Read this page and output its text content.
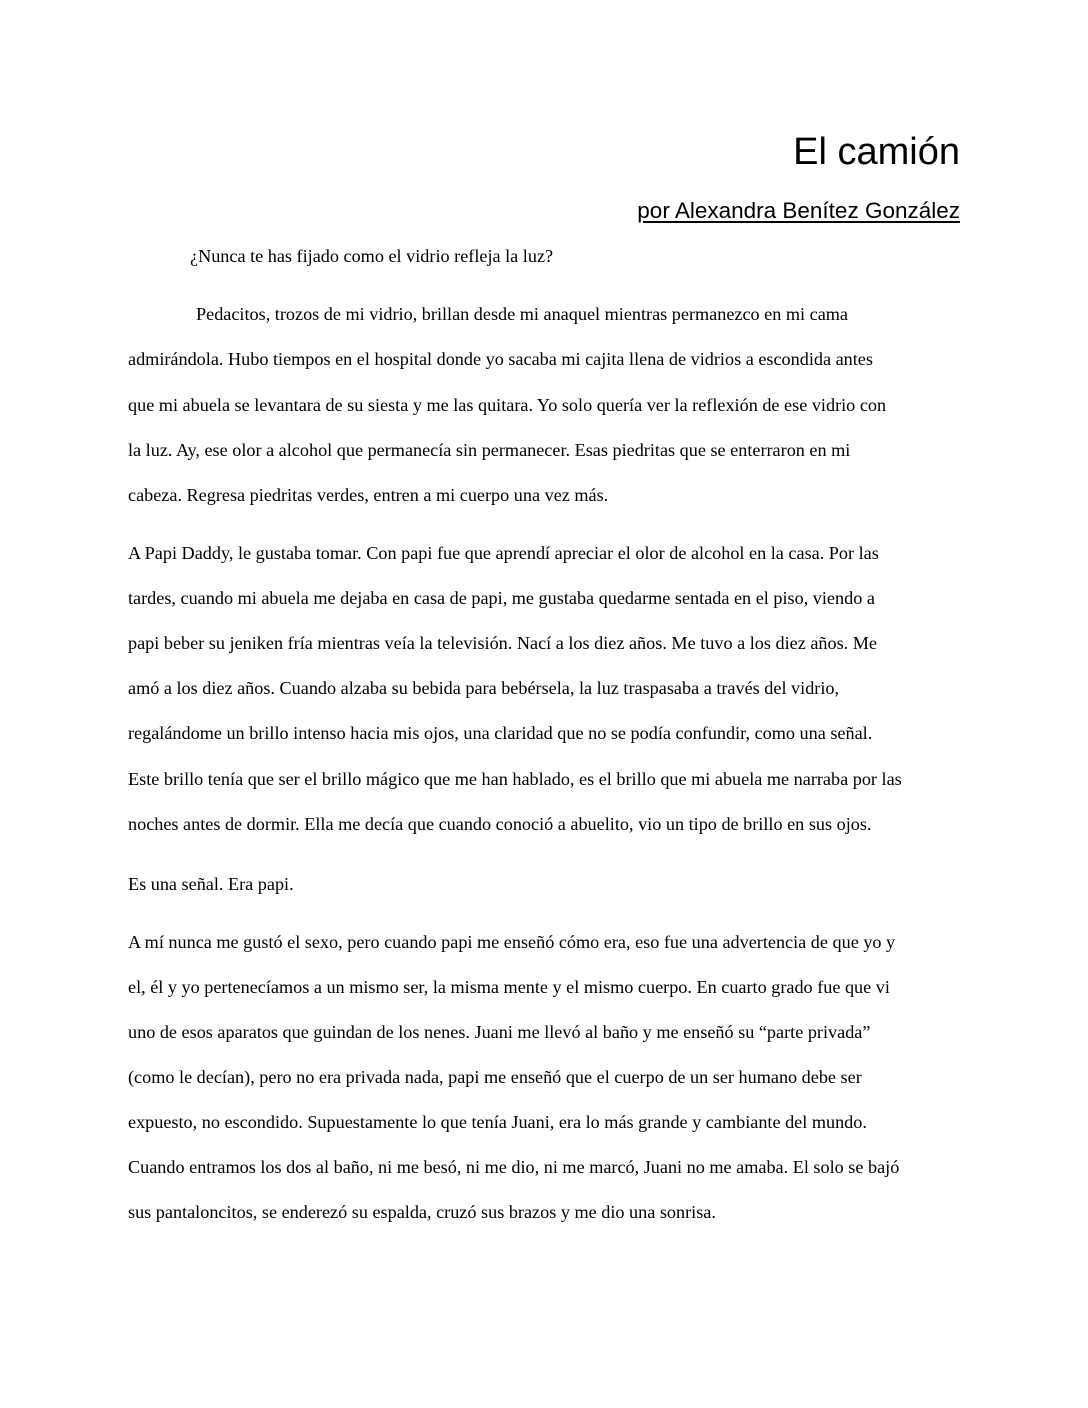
El camión
por Alexandra Benítez González

¿Nunca te has fijado como el vidrio refleja la luz?

Pedacitos, trozos de mi vidrio, brillan desde mi anaquel mientras permanezco en mi cama

admirándola. Hubo tiempos en el hospital donde yo sacaba mi cajita llena de vidrios a escondida antes

que mi abuela se levantara de su siesta y me las quitara. Yo solo quería ver la reflexión de ese vidrio con

la luz. Ay, ese olor a alcohol que permanecía sin permanecer. Esas piedritas que se enterraron en mi

cabeza. Regresa piedritas verdes, entren a mi cuerpo una vez más.

A Papi Daddy, le gustaba tomar. Con papi fue que aprendí apreciar el olor de alcohol en la casa. Por las

tardes, cuando mi abuela me dejaba en casa de papi, me gustaba quedarme sentada en el piso, viendo a

papi beber su jeniken fría mientras veía la televisión. Nací a los diez años. Me tuvo a los diez años. Me

amó a los diez años. Cuando alzaba su bebida para bebérsela, la luz traspasaba a través del vidrio,

regalándome un brillo intenso hacia mis ojos, una claridad que no se podía confundir, como una señal.

Este brillo tenía que ser el brillo mágico que me han hablado, es el brillo que mi abuela me narraba por las

noches antes de dormir. Ella me decía que cuando conoció a abuelito, vio un tipo de brillo en sus ojos.

Es una señal. Era papi.

A mí nunca me gustó el sexo, pero cuando papi me enseñó cómo era, eso fue una advertencia de que yo y

el, él y yo pertenecíamos a un mismo ser, la misma mente y el mismo cuerpo. En cuarto grado fue que vi

uno de esos aparatos que guindan de los nenes. Juani me llevó al baño y me enseñó su “parte privada”

(como le decían), pero no era privada nada, papi me enseñó que el cuerpo de un ser humano debe ser

expuesto, no escondido. Supuestamente lo que tenía Juani, era lo más grande y cambiante del mundo.

Cuando entramos los dos al baño, ni me besó, ni me dio, ni me marcó, Juani no me amaba. El solo se bajó

sus pantaloncitos, se enderezó su espalda, cruzó sus brazos y me dio una sonrisa.
